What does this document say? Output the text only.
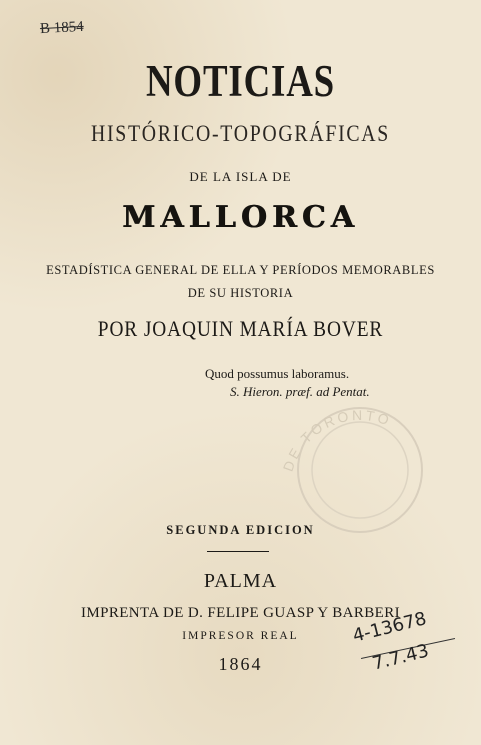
B 1854
NOTICIAS
HISTÓRICO-TOPOGRÁFICAS
DE LA ISLA DE
MALLORCA
ESTADÍSTICA GENERAL DE ELLA Y PERÍODOS MEMORABLES
DE SU HISTORIA
POR JOAQUIN MARÍA BOVER
Quod possumus laboramus.
S. Hieron. præf. ad Pentat.
DE TORONTO
SEGUNDA EDICION
PALMA
IMPRENTA DE D. FELIPE GUASP Y BARBERI
IMPRESOR REAL
1864
4-13678
7.7.43
